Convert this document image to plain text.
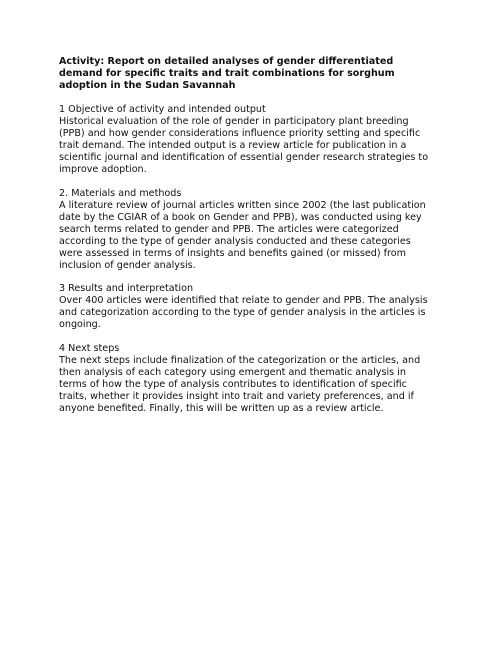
Activity: Report on detailed analyses of gender differentiated
demand for specific traits and trait combinations for sorghum
adoption in the Sudan Savannah
1 Objective of activity and intended output
Historical evaluation of the role of gender in participatory plant breeding
(PPB) and how gender considerations influence priority setting and specific
trait demand. The intended output is a review article for publication in a
scientific journal and identification of essential gender research strategies to
improve adoption.
2. Materials and methods
A literature review of journal articles written since 2002 (the last publication
date by the CGIAR of a book on Gender and PPB), was conducted using key
search terms related to gender and PPB. The articles were categorized
according to the type of gender analysis conducted and these categories
were assessed in terms of insights and benefits gained (or missed) from
inclusion of gender analysis.
3 Results and interpretation
Over 400 articles were identified that relate to gender and PPB. The analysis
and categorization according to the type of gender analysis in the articles is
ongoing.
4 Next steps
The next steps include finalization of the categorization or the articles, and
then analysis of each category using emergent and thematic analysis in
terms of how the type of analysis contributes to identification of specific
traits, whether it provides insight into trait and variety preferences, and if
anyone benefited. Finally, this will be written up as a review article.
